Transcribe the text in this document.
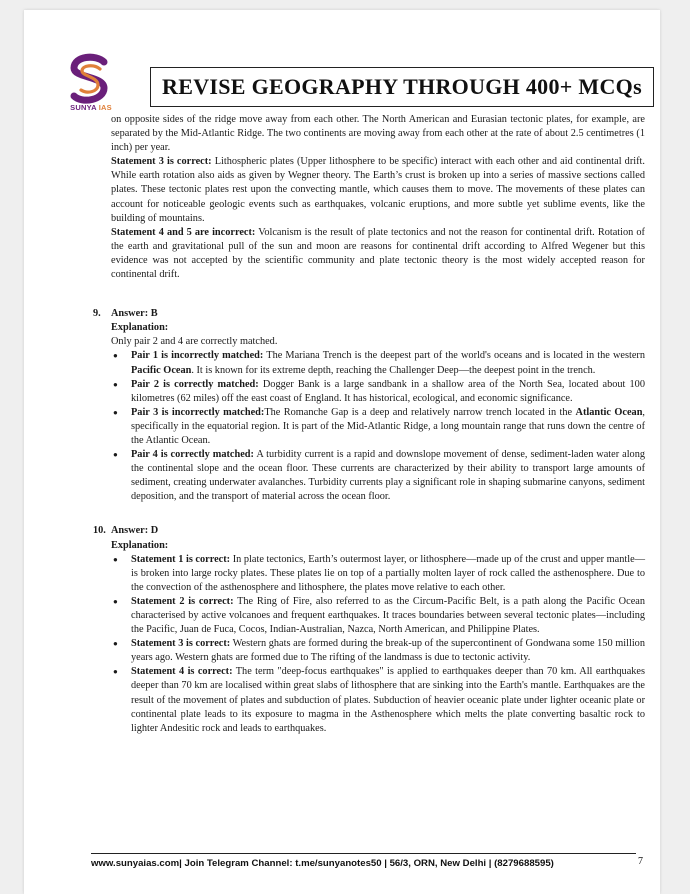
SUNYA IAS
REVISE GEOGRAPHY THROUGH 400+ MCQs

on opposite sides of the ridge move away from each other. The North American and Eurasian tectonic plates, for example, are separated by the Mid-Atlantic Ridge. The two continents are moving away from each other at the rate of about 2.5 centimetres (1 inch) per year.

Statement 3 is correct: Lithospheric plates (Upper lithosphere to be specific) interact with each other and aid continental drift. While earth rotation also aids as given by Wegner theory. The Earth’s crust is broken up into a series of massive sections called plates. These tectonic plates rest upon the convecting mantle, which causes them to move. The movements of these plates can account for noticeable geologic events such as earthquakes, volcanic eruptions, and more subtle yet sublime events, like the building of mountains.

Statement 4 and 5 are incorrect: Volcanism is the result of plate tectonics and not the reason for continental drift. Rotation of the earth and gravitational pull of the sun and moon are reasons for continental drift according to Alfred Wegener but this evidence was not accepted by the scientific community and plate tectonic theory is the most widely accepted reason for continental drift.

9. Answer: B

Explanation:

Only pair 2 and 4 are correctly matched.

● Pair 1 is incorrectly matched: The Mariana Trench is the deepest part of the world's oceans and is located in the western Pacific Ocean. It is known for its extreme depth, reaching the Challenger Deep—the deepest point in the trench.
● Pair 2 is correctly matched: Dogger Bank is a large sandbank in a shallow area of the North Sea, located about 100 kilometres (62 miles) off the east coast of England. It has historical, ecological, and economic significance.
● Pair 3 is incorrectly matched:The Romanche Gap is a deep and relatively narrow trench located in the Atlantic Ocean, specifically in the equatorial region. It is part of the Mid-Atlantic Ridge, a long mountain range that runs down the centre of the Atlantic Ocean.
● Pair 4 is correctly matched: A turbidity current is a rapid and downslope movement of dense, sediment-laden water along the continental slope and the ocean floor. These currents are characterized by their ability to transport large amounts of sediment, creating underwater avalanches. Turbidity currents play a significant role in shaping submarine canyons, sediment deposition, and the transport of material across the ocean floor.

10. Answer: D

Explanation:

● Statement 1 is correct: In plate tectonics, Earth’s outermost layer, or lithosphere—made up of the crust and upper mantle—is broken into large rocky plates. These plates lie on top of a partially molten layer of rock called the asthenosphere. Due to the convection of the asthenosphere and lithosphere, the plates move relative to each other.
● Statement 2 is correct: The Ring of Fire, also referred to as the Circum-Pacific Belt, is a path along the Pacific Ocean characterised by active volcanoes and frequent earthquakes. It traces boundaries between several tectonic plates—including the Pacific, Juan de Fuca, Cocos, Indian-Australian, Nazca, North American, and Philippine Plates.
● Statement 3 is correct: Western ghats are formed during the break-up of the supercontinent of Gondwana some 150 million years ago. Western ghats are formed due to The rifting of the landmass is due to tectonic activity.
● Statement 4 is correct: The term "deep-focus earthquakes" is applied to earthquakes deeper than 70 km. All earthquakes deeper than 70 km are localised within great slabs of lithosphere that are sinking into the Earth's mantle. Earthquakes are the result of the movement of plates and subduction of plates. Subduction of heavier oceanic plate under lighter oceanic plate or continental plate leads to its exposure to magma in the Asthenosphere which melts the plate converting basaltic rock to lighter Andesitic rock and leads to earthquakes.
www.sunyaias.com| Join Telegram Channel: t.me/sunyanotes50 | 56/3, ORN, New Delhi | (8279688595)	7
